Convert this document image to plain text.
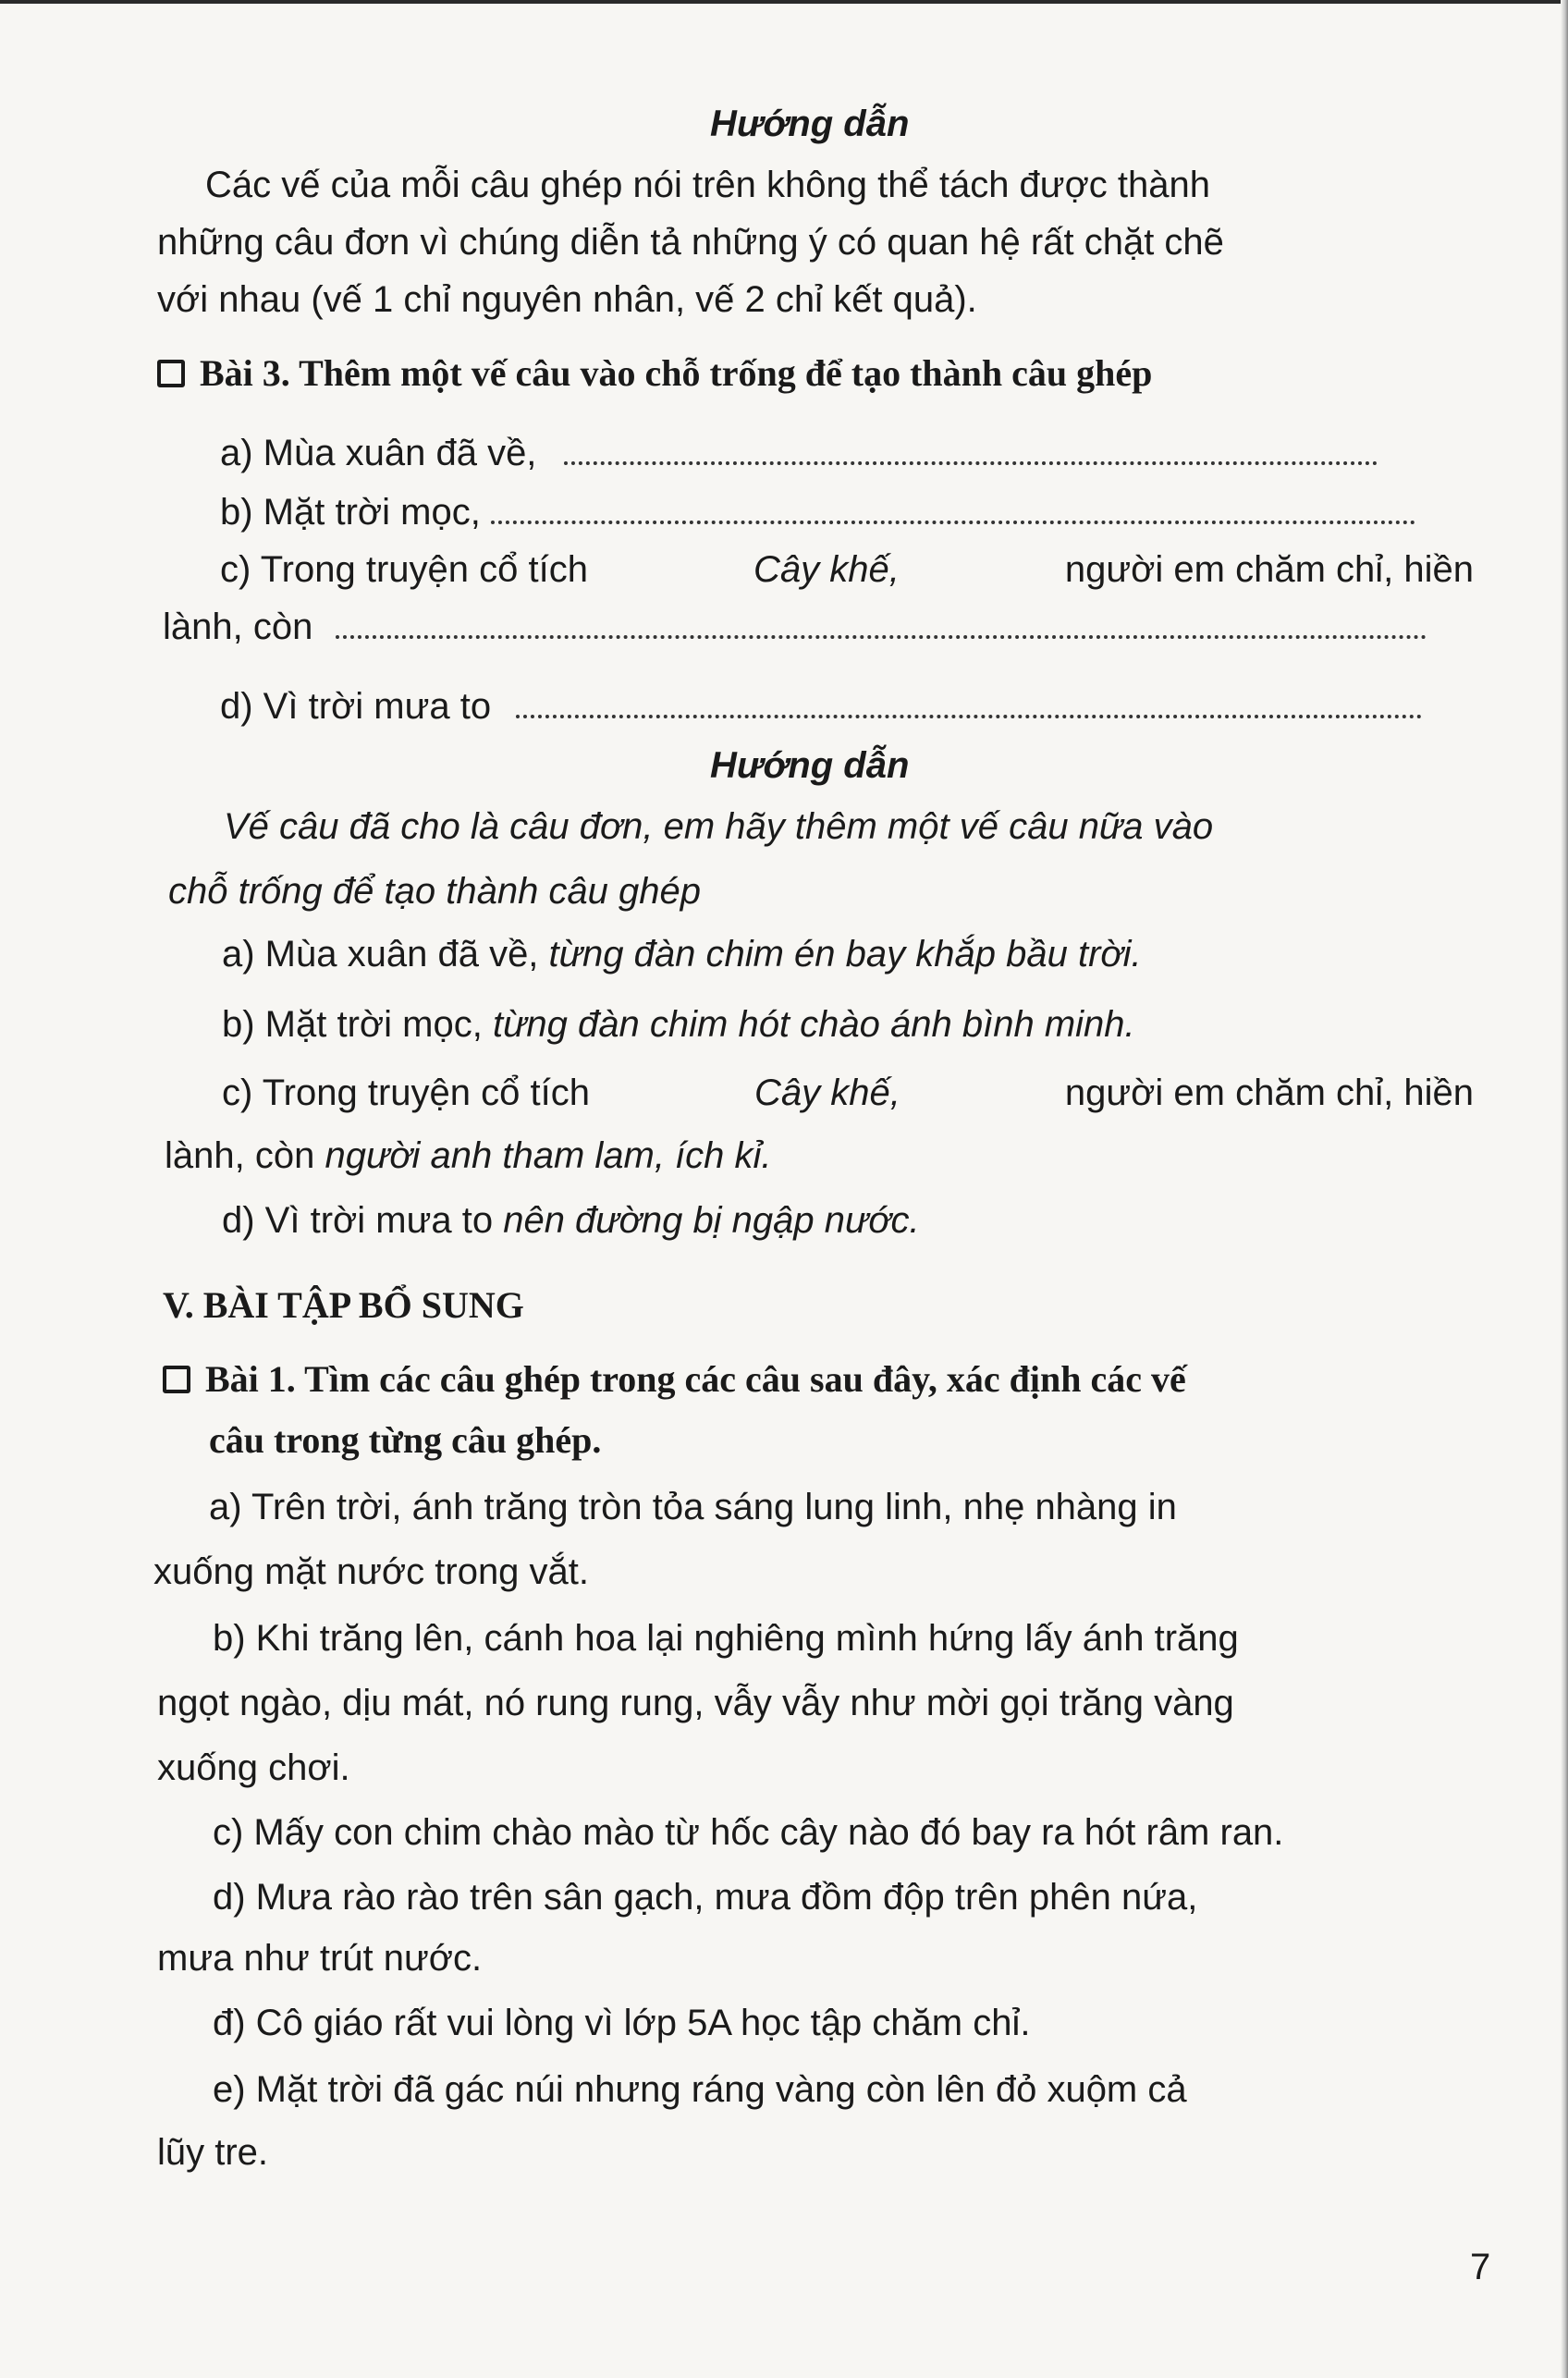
Hướng dẫn
Các vế của mỗi câu ghép nói trên không thể tách được thành
những câu đơn vì chúng diễn tả những ý có quan hệ rất chặt chẽ
với nhau (vế 1 chỉ nguyên nhân, vế 2 chỉ kết quả).
Bài 3. Thêm một vế câu vào chỗ trống để tạo thành câu ghép
a) Mùa xuân đã về,
b) Mặt trời mọc,
c) Trong truyện cổ tích	Cây khế,	người em chăm chỉ, hiền
lành, còn
d) Vì trời mưa to
Hướng dẫn
Vế câu đã cho là câu đơn, em hãy thêm một vế câu nữa vào
chỗ trống để tạo thành câu ghép
a) Mùa xuân đã về, từng đàn chim én bay khắp bầu trời.
b) Mặt trời mọc, từng đàn chim hót chào ánh bình minh.
c) Trong truyện cổ tích	Cây khế,	người em chăm chỉ, hiền
lành, còn người anh tham lam, ích kỉ.
d) Vì trời mưa to nên đường bị ngập nước.
V. BÀI TẬP BỔ SUNG
Bài 1. Tìm các câu ghép trong các câu sau đây, xác định các vế
câu trong từng câu ghép.
a) Trên trời, ánh trăng tròn tỏa sáng lung linh, nhẹ nhàng in
xuống mặt nước trong vắt.
b) Khi trăng lên, cánh hoa lại nghiêng mình hứng lấy ánh trăng
ngọt ngào, dịu mát, nó rung rung, vẫy vẫy như mời gọi trăng vàng
xuống chơi.
c) Mấy con chim chào mào từ hốc cây nào đó bay ra hót râm ran.
d) Mưa rào rào trên sân gạch, mưa đồm độp trên phên nứa,
mưa như trút nước.
đ) Cô giáo rất vui lòng vì lớp 5A học tập chăm chỉ.
e) Mặt trời đã gác núi nhưng ráng vàng còn lên đỏ xuộm cả
lũy tre.
7
